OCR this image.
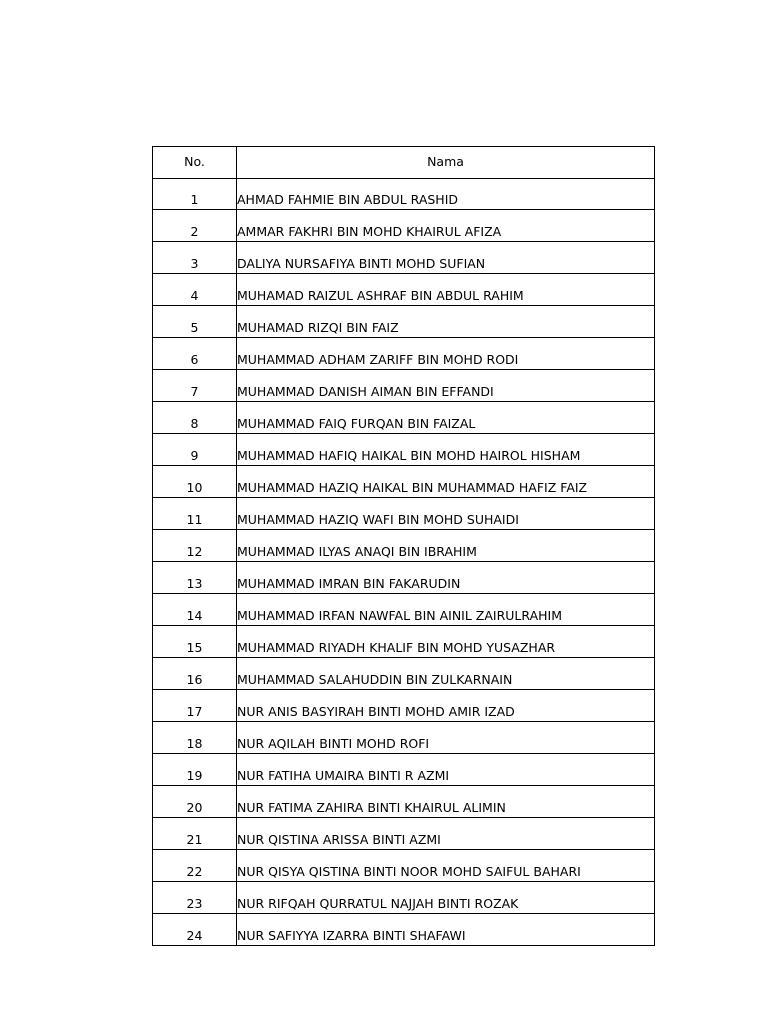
No.	Nama
1	AHMAD FAHMIE BIN ABDUL RASHID
2	AMMAR FAKHRI BIN MOHD KHAIRUL AFIZA
3	DALIYA NURSAFIYA BINTI MOHD SUFIAN
4	MUHAMAD RAIZUL ASHRAF BIN ABDUL RAHIM
5	MUHAMAD RIZQI BIN FAIZ
6	MUHAMMAD ADHAM ZARIFF BIN MOHD RODI
7	MUHAMMAD DANISH AIMAN BIN EFFANDI
8	MUHAMMAD FAIQ FURQAN BIN FAIZAL
9	MUHAMMAD HAFIQ HAIKAL BIN MOHD HAIROL HISHAM
10	MUHAMMAD HAZIQ HAIKAL BIN MUHAMMAD HAFIZ FAIZ
11	MUHAMMAD HAZIQ WAFI BIN MOHD SUHAIDI
12	MUHAMMAD ILYAS ANAQI BIN IBRAHIM
13	MUHAMMAD IMRAN BIN FAKARUDIN
14	MUHAMMAD IRFAN NAWFAL BIN AINIL ZAIRULRAHIM
15	MUHAMMAD RIYADH KHALIF BIN MOHD YUSAZHAR
16	MUHAMMAD SALAHUDDIN BIN ZULKARNAIN
17	NUR ANIS BASYIRAH BINTI MOHD AMIR IZAD
18	NUR AQILAH BINTI MOHD ROFI
19	NUR FATIHA UMAIRA BINTI R AZMI
20	NUR FATIMA ZAHIRA BINTI KHAIRUL ALIMIN
21	NUR QISTINA ARISSA BINTI AZMI
22	NUR QISYA QISTINA BINTI NOOR MOHD SAIFUL BAHARI
23	NUR RIFQAH QURRATUL NAJJAH BINTI ROZAK
24	NUR SAFIYYA IZARRA BINTI SHAFAWI
